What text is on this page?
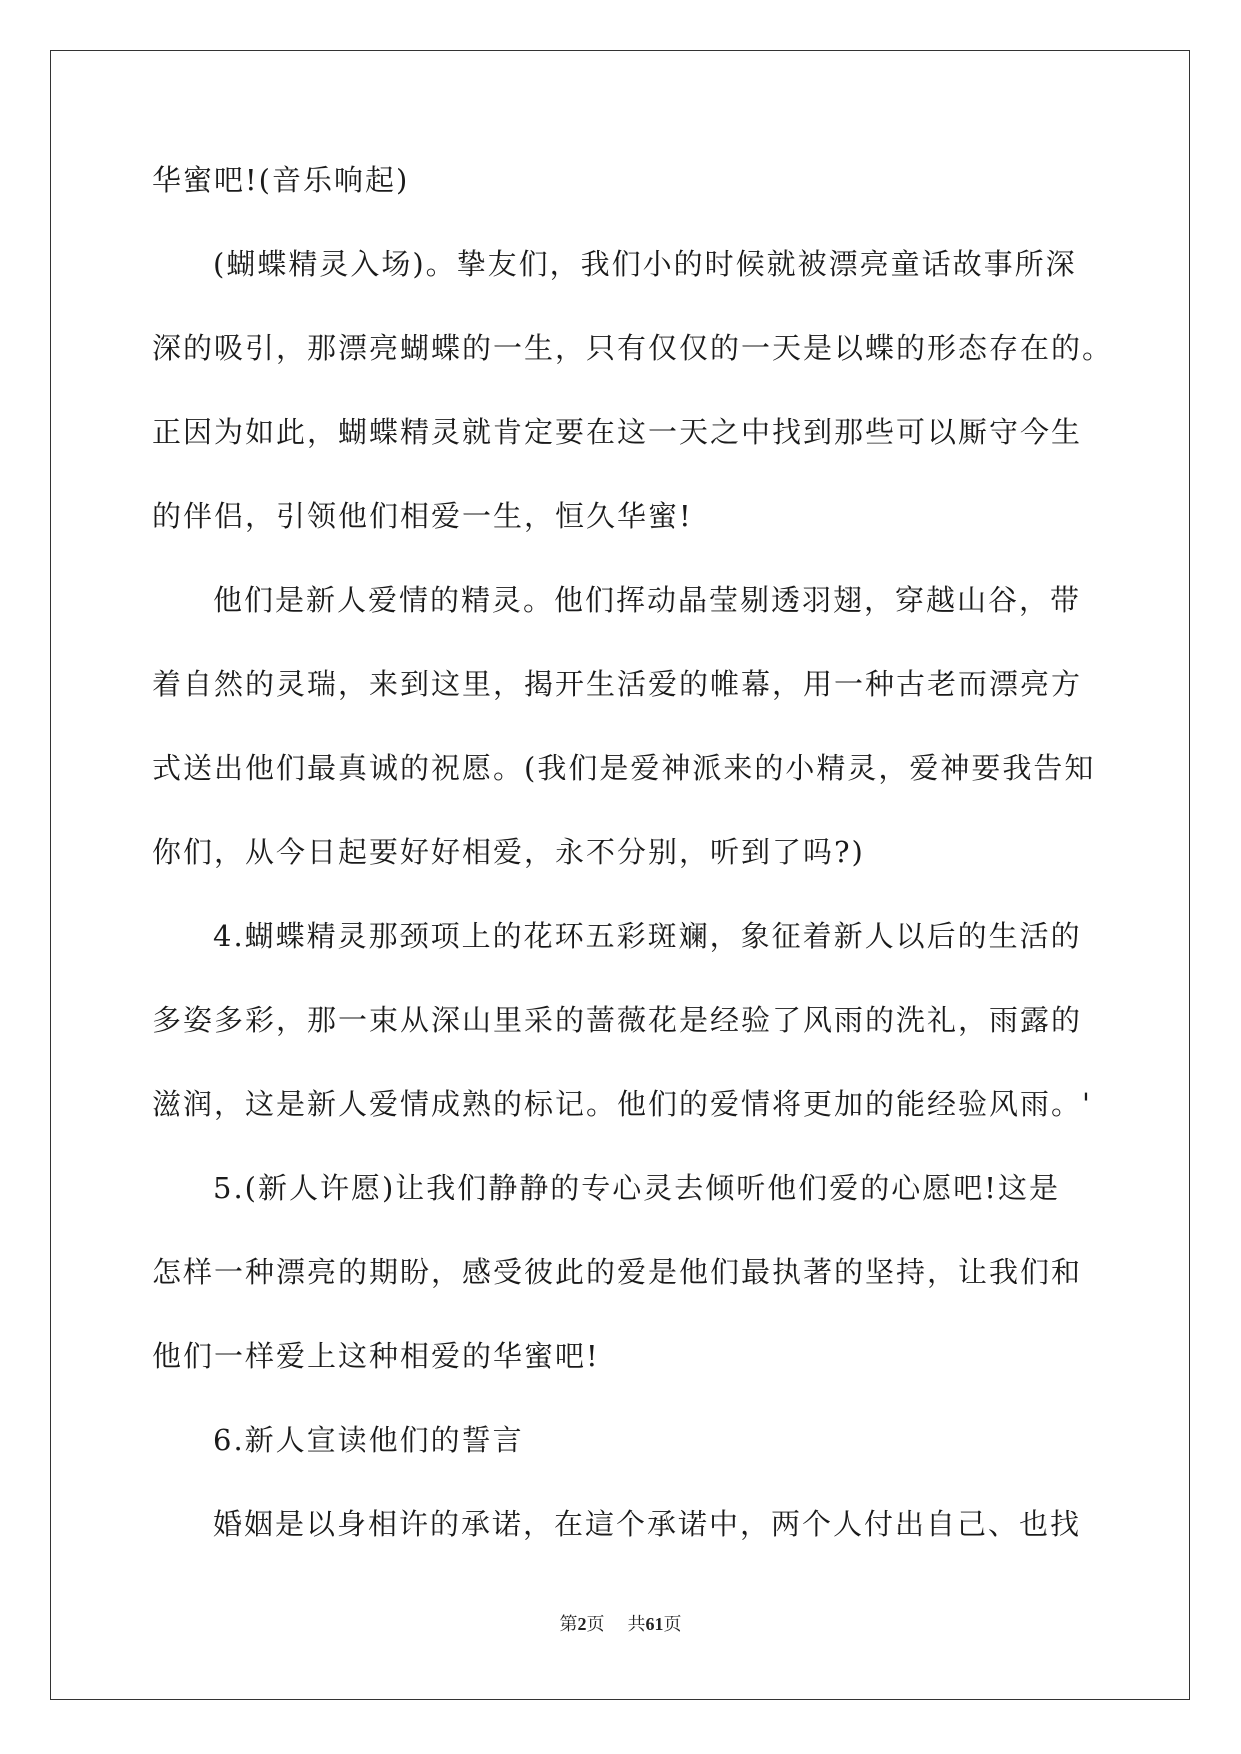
华蜜吧!(音乐响起)
(蝴蝶精灵入场)。挚友们，我们小的时候就被漂亮童话故事所深
深的吸引，那漂亮蝴蝶的一生，只有仅仅的一天是以蝶的形态存在的。
正因为如此，蝴蝶精灵就肯定要在这一天之中找到那些可以厮守今生
的伴侣，引领他们相爱一生，恒久华蜜!
他们是新人爱情的精灵。他们挥动晶莹剔透羽翅，穿越山谷，带
着自然的灵瑞，来到这里，揭开生活爱的帷幕，用一种古老而漂亮方
式送出他们最真诚的祝愿。(我们是爱神派来的小精灵，爱神要我告知
你们，从今日起要好好相爱，永不分别，听到了吗?)
4.蝴蝶精灵那颈项上的花环五彩斑斓，象征着新人以后的生活的
多姿多彩，那一束从深山里采的蔷薇花是经验了风雨的洗礼，雨露的
滋润，这是新人爱情成熟的标记。他们的爱情将更加的能经验风雨。'
5.(新人许愿)让我们静静的专心灵去倾听他们爱的心愿吧!这是
怎样一种漂亮的期盼，感受彼此的爱是他们最执著的坚持，让我们和
他们一样爱上这种相爱的华蜜吧!
6.新人宣读他们的誓言
婚姻是以身相许的承诺，在這个承诺中，两个人付出自己、也找
第2页 共61页
